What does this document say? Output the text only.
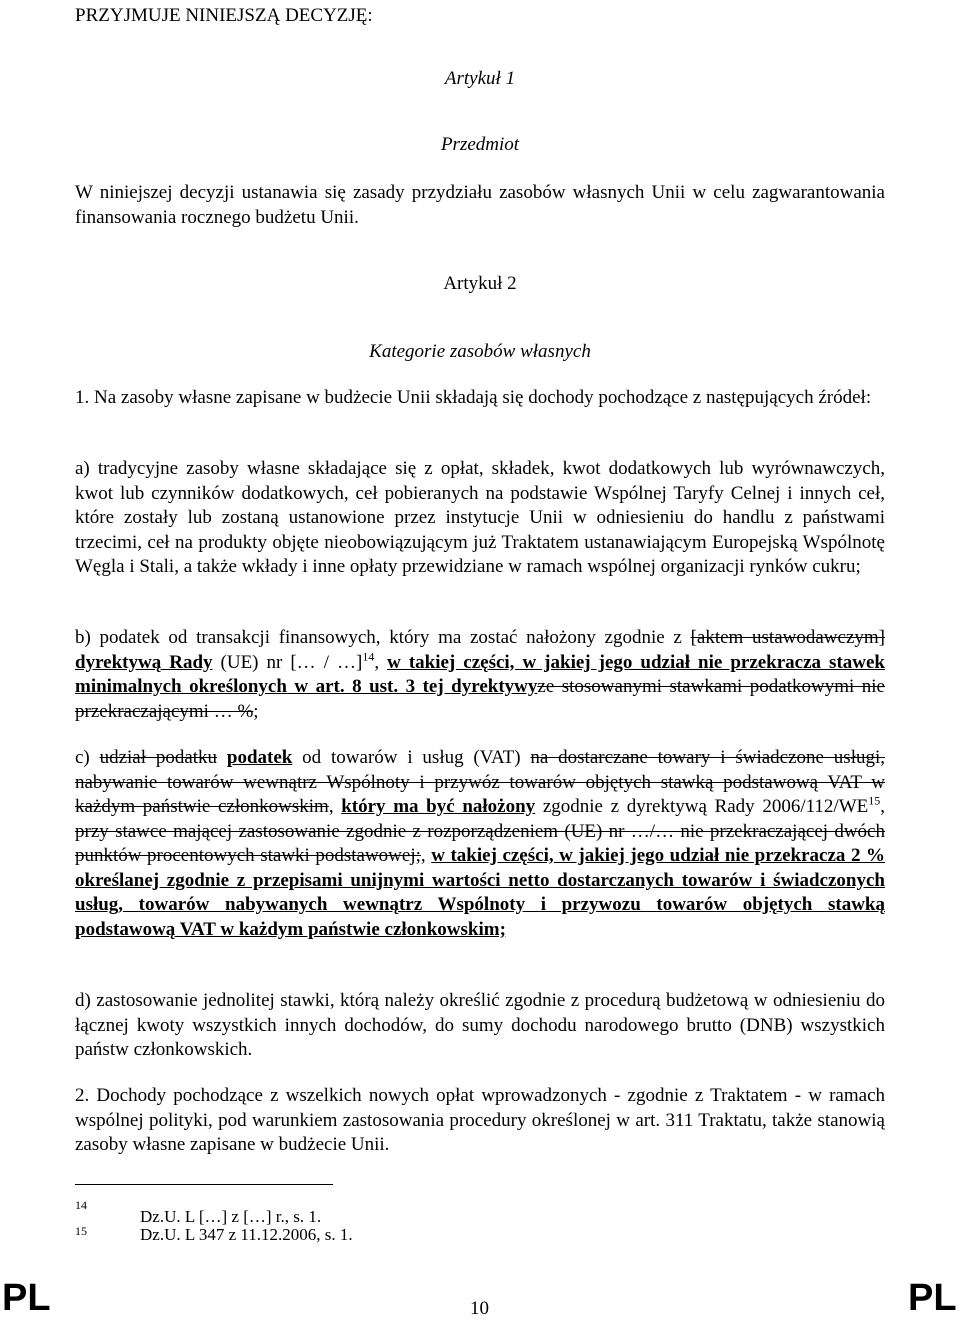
PRZYJMUJE NINIEJSZĄ DECYZJĘ:
Artykuł 1
Przedmiot
W niniejszej decyzji ustanawia się zasady przydziału zasobów własnych Unii w celu zagwarantowania finansowania rocznego budżetu Unii.
Artykuł 2
Kategorie zasobów własnych
1. Na zasoby własne zapisane w budżecie Unii składają się dochody pochodzące z następujących źródeł:
a) tradycyjne zasoby własne składające się z opłat, składek, kwot dodatkowych lub wyrównawczych, kwot lub czynników dodatkowych, ceł pobieranych na podstawie Wspólnej Taryfy Celnej i innych ceł, które zostały lub zostaną ustanowione przez instytucje Unii w odniesieniu do handlu z państwami trzecimi, ceł na produkty objęte nieobowiązującym już Traktatem ustanawiającym Europejską Wspólnotę Węgla i Stali, a także wkłady i inne opłaty przewidziane w ramach wspólnej organizacji rynków cukru;
b) podatek od transakcji finansowych, który ma zostać nałożony zgodnie z [aktem ustawodawczym] dyrektywą Rady (UE) nr [… / …]$^{14}$, w takiej części, w jakiej jego udział nie przekracza stawek minimalnych określonych w art. 8 ust. 3 tej dyrektywyze stosowanymi stawkami podatkowymi nie przekraczającymi … %;
c) udział podatku podatek od towarów i usług (VAT) na dostarczane towary i świadczone usługi, nabywanie towarów wewnątrz Wspólnoty i przywóz towarów objętych stawką podstawową VAT w każdym państwie członkowskim, który ma być nałożony zgodnie z dyrektywą Rady 2006/112/WE$^{15}$, przy stawce mającej zastosowanie zgodnie z rozporządzeniem (UE) nr …/… nie przekraczającej dwóch punktów procentowych stawki podstawowej;, w takiej części, w jakiej jego udział nie przekracza 2 % określanej zgodnie z przepisami unijnymi wartości netto dostarczanych towarów i świadczonych usług, towarów nabywanych wewnątrz Wspólnoty i przywozu towarów objętych stawką podstawową VAT w każdym państwie członkowskim;
d) zastosowanie jednolitej stawki, którą należy określić zgodnie z procedurą budżetową w odniesieniu do łącznej kwoty wszystkich innych dochodów, do sumy dochodu narodowego brutto (DNB) wszystkich państw członkowskich.
2. Dochody pochodzące z wszelkich nowych opłat wprowadzonych - zgodnie z Traktatem - w ramach wspólnej polityki, pod warunkiem zastosowania procedury określonej w art. 311 Traktatu, także stanowią zasoby własne zapisane w budżecie Unii.
14
Dz.U. L […] z […] r., s. 1.
15	Dz.U. L 347 z 11.12.2006, s. 1.
PL	10	PL
